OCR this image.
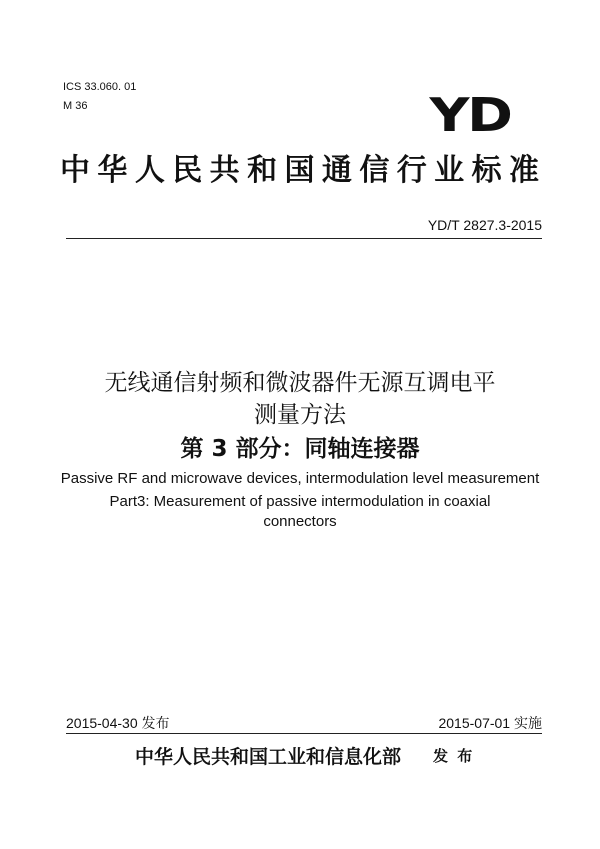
ICS 33.060. 01
M 36	YD
中华人民共和国通信行业标准
YD/T 2827.3-2015
无线通信射频和微波器件无源互调电平
测量方法
第 3 部分：同轴连接器
Passive RF and microwave devices, intermodulation level measurement
Part3: Measurement of passive intermodulation in coaxial
connectors
2015-04-30 发布	2015-07-01 实施
中华人民共和国工业和信息化部 发 布
